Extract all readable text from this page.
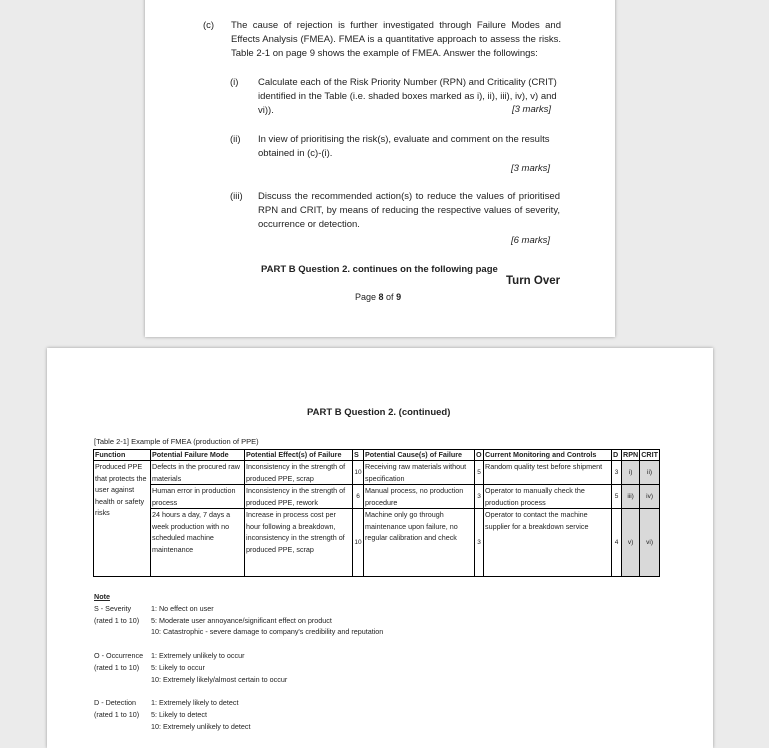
(c) The cause of rejection is further investigated through Failure Modes and Effects Analysis (FMEA). FMEA is a quantitative approach to assess the risks. Table 2-1 on page 9 shows the example of FMEA. Answer the followings:
(i) Calculate each of the Risk Priority Number (RPN) and Criticality (CRIT) identified in the Table (i.e. shaded boxes marked as i), ii), iii), iv), v) and vi)).	[3 marks]
(ii) In view of prioritising the risk(s), evaluate and comment on the results obtained in (c)-(i).
[3 marks]
(iii) Discuss the recommended action(s) to reduce the values of prioritised RPN and CRIT, by means of reducing the respective values of severity, occurrence or detection.
[6 marks]
PART B Question 2. continues on the following page
Turn Over
Page 8 of 9
PART B Question 2. (continued)
[Table 2-1] Example of FMEA (production of PPE)
Function	Potential Failure Mode	Potential Effect(s) of Failure	S	Potential Cause(s) of Failure	O	Current Monitoring and Controls	D	RPN	CRIT
Produced PPE that protects the user against health or safety risks	Defects in the procured raw materials	Inconsistency in the strength of produced PPE, scrap	10	Receiving raw materials without specification	5	Random quality test before shipment	3	i)	ii)
	Human error in production process	Inconsistency in the strength of produced PPE, rework	6	Manual process, no production procedure	3	Operator to manually check the production process	5	iii)	iv)
	24 hours a day, 7 days a week production with no scheduled machine maintenance	Increase in process cost per hour following a breakdown, inconsistency in the strength of produced PPE, scrap	10	Machine only go through maintenance upon failure, no regular calibration and check	3	Operator to contact the machine supplier for a breakdown service	4	v)	vi)
Note
S - Severity	1: No effect on user
(rated 1 to 10)	5: Moderate user annoyance/significant effect on product
10: Catastrophic - severe damage to company's credibility and reputation
O - Occurrence	1: Extremely unlikely to occur
(rated 1 to 10)	5: Likely to occur
10: Extremely likely/almost certain to occur
D - Detection	1: Extremely likely to detect
(rated 1 to 10)	5: Likely to detect
10: Extremely unlikely to detect
